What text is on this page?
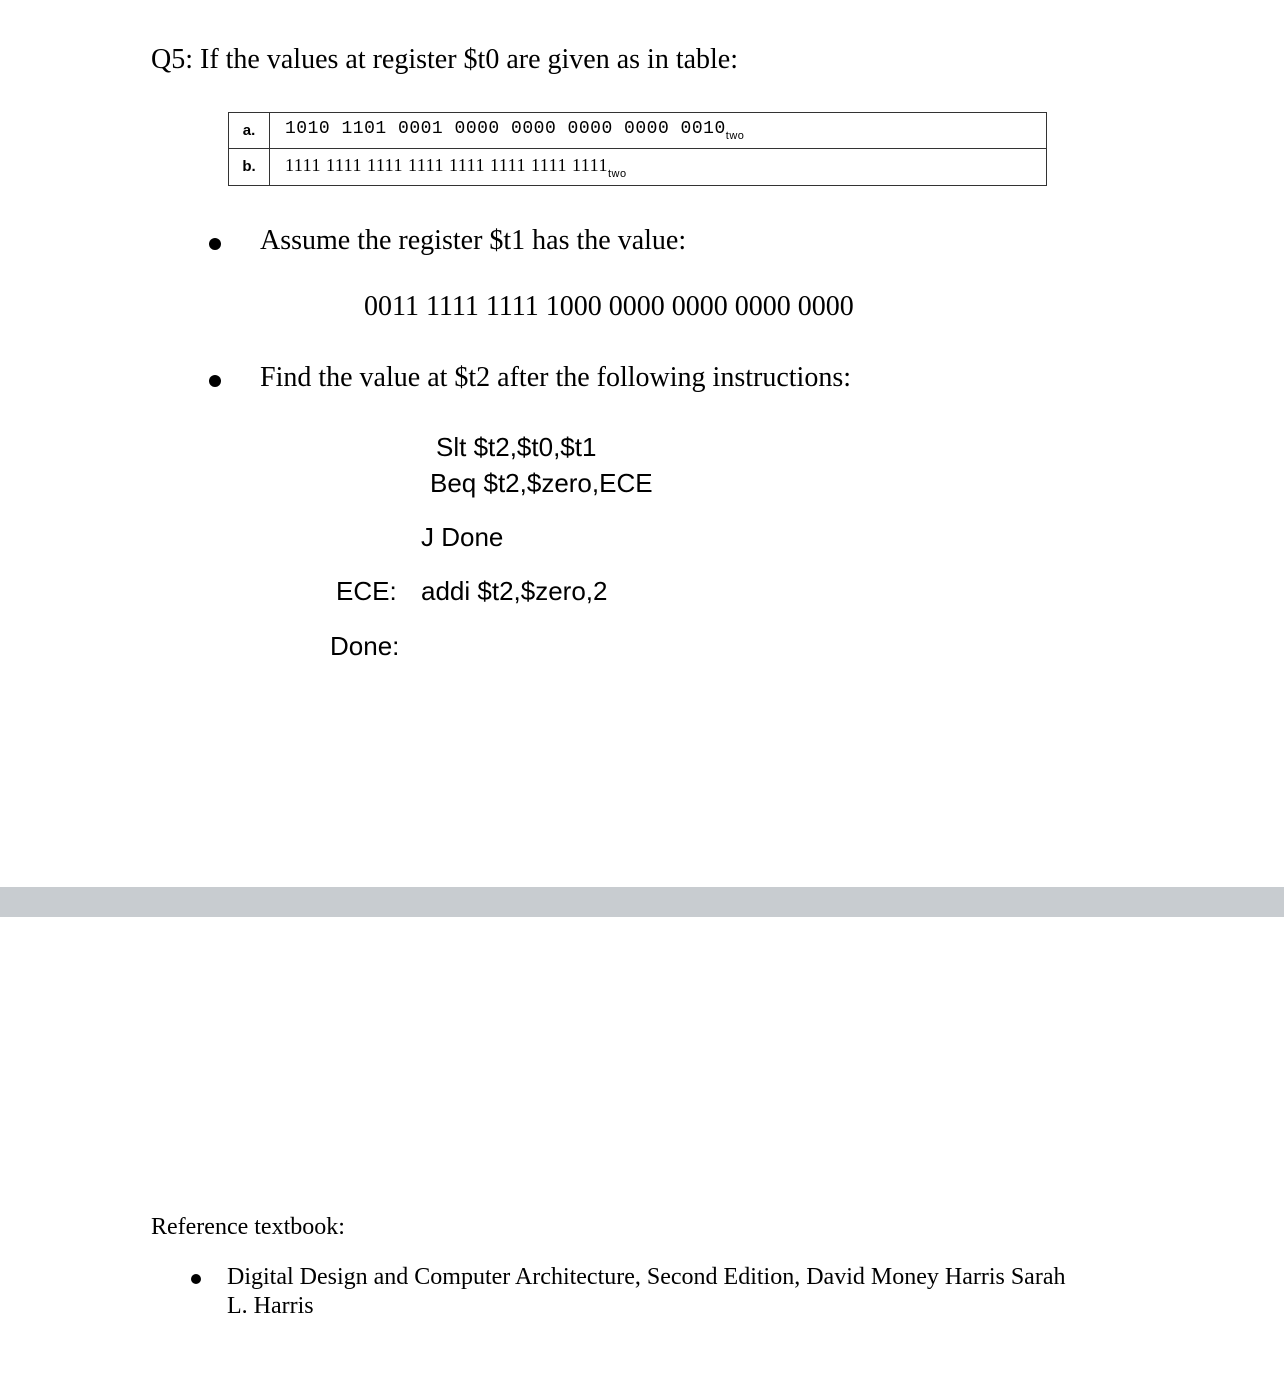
Q5: If the values at register $t0 are given as in table:
a.	1010 1101 0001 0000 0000 0000 0000 $0010_{two}$
b.	1111 1111 1111 1111 1111 1111 1111 $1111_{two}$
Assume the register $t1 has the value:
0011 1111 1111 1000 0000 0000 0000 0000
Find the value at $t2 after the following instructions:
Slt $t2,$t0,$t1
Beq $t2,$zero,ECE
J Done
ECE: addi $t2,$zero,2
Done:
Reference textbook:
Digital Design and Computer Architecture, Second Edition, David Money Harris Sarah
L. Harris
